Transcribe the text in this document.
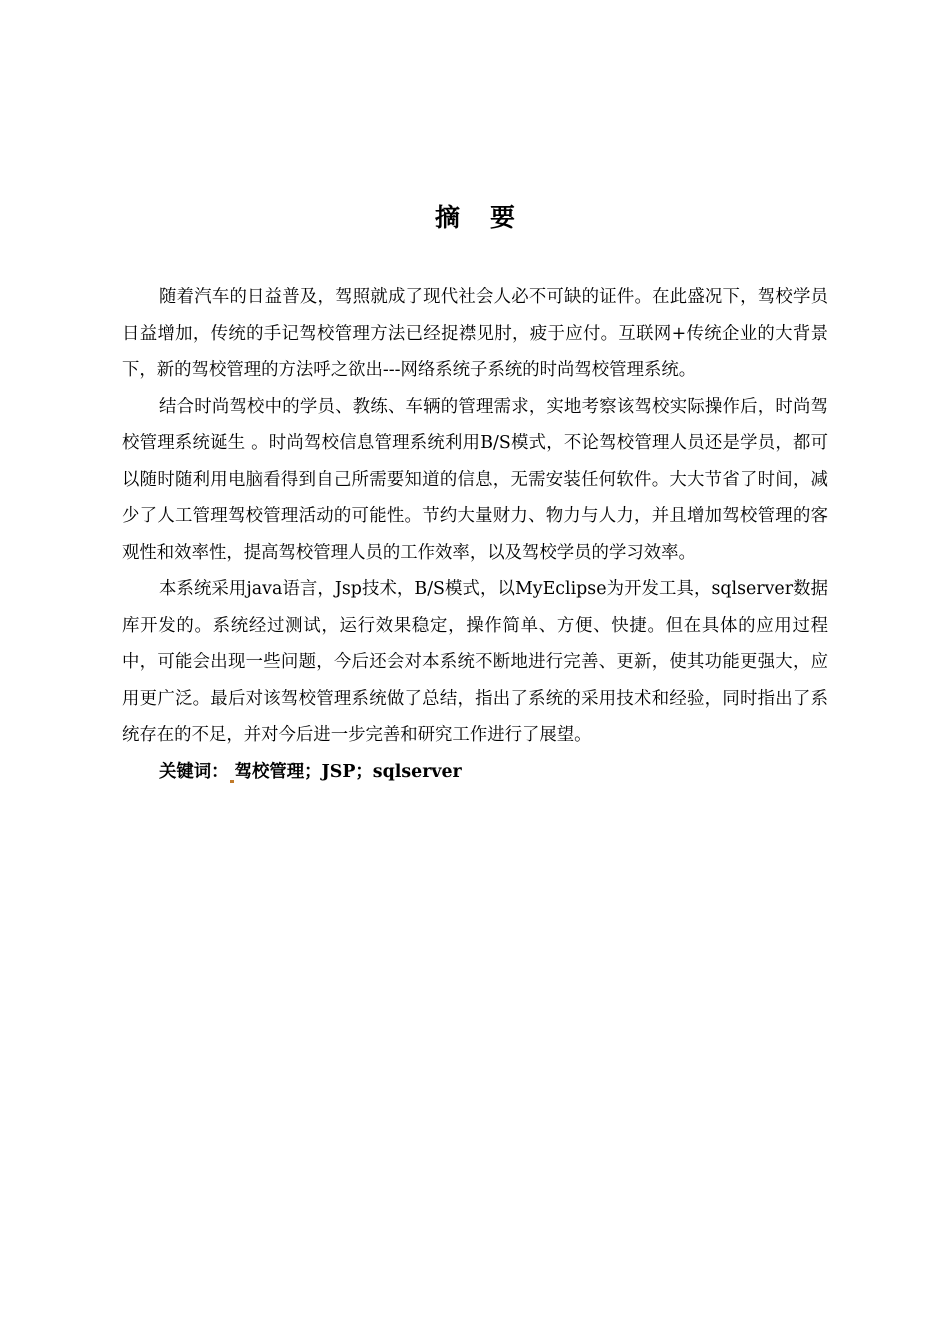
摘 要

随着汽车的日益普及，驾照就成了现代社会人必不可缺的证件。在此盛况下，驾校学员日益增加，传统的手记驾校管理方法已经捉襟见肘，疲于应付。互联网+传统企业的大背景下，新的驾校管理的方法呼之欲出---网络系统子系统的时尚驾校管理系统。

结合时尚驾校中的学员、教练、车辆的管理需求，实地考察该驾校实际操作后，时尚驾校管理系统诞生 。时尚驾校信息管理系统利用B/S模式，不论驾校管理人员还是学员，都可以随时随利用电脑看得到自己所需要知道的信息，无需安装任何软件。大大节省了时间，减少了人工管理驾校管理活动的可能性。节约大量财力、物力与人力，并且增加驾校管理的客观性和效率性，提高驾校管理人员的工作效率，以及驾校学员的学习效率。

本系统采用java语言，Jsp技术，B/S模式，以MyEclipse为开发工具，sqlserver数据库开发的。系统经过测试，运行效果稳定，操作简单、方便、快捷。但在具体的应用过程中，可能会出现一些问题，今后还会对本系统不断地进行完善、更新，使其功能更强大，应用更广泛。最后对该驾校管理系统做了总结，指出了系统的采用技术和经验，同时指出了系统存在的不足，并对今后进一步完善和研究工作进行了展望。

关键词： 驾校管理；JSP；sqlserver
